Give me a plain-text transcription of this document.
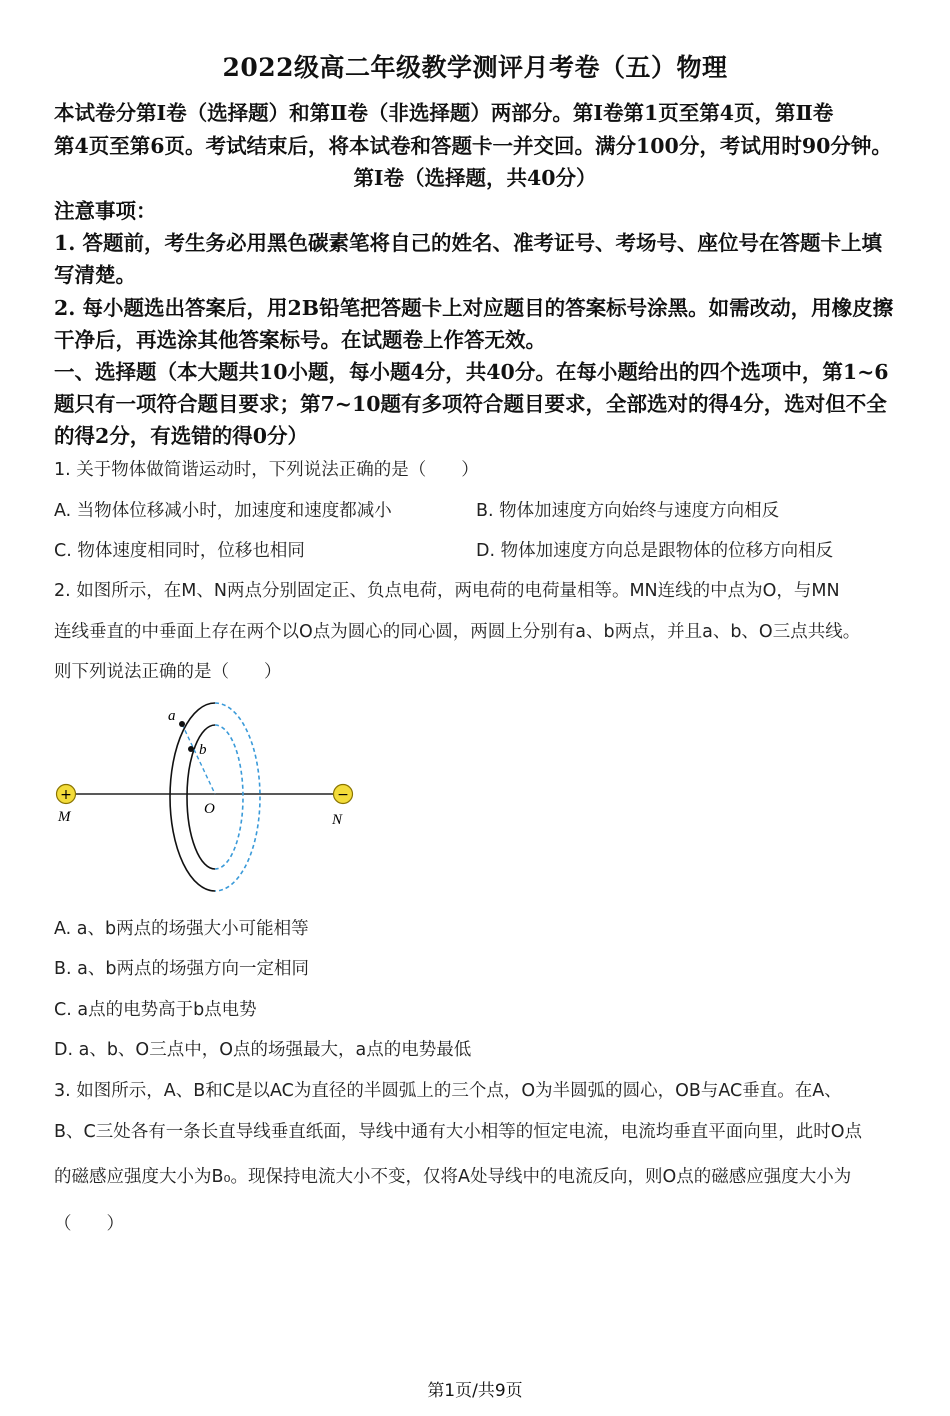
2022级高二年级教学测评月考卷（五）物理
本试卷分第Ⅰ卷（选择题）和第Ⅱ卷（非选择题）两部分。第Ⅰ卷第1页至第4页，第Ⅱ卷
第4页至第6页。考试结束后，将本试卷和答题卡一并交回。满分100分，考试用时90分钟。
第Ⅰ卷（选择题，共40分）
注意事项：
1. 答题前，考生务必用黑色碳素笔将自己的姓名、准考证号、考场号、座位号在答题卡上填
写清楚。
2. 每小题选出答案后，用2B铅笔把答题卡上对应题目的答案标号涂黑。如需改动，用橡皮擦
干净后，再选涂其他答案标号。在试题卷上作答无效。
一、选择题（本大题共10小题，每小题4分，共40分。在每小题给出的四个选项中，第1~6
题只有一项符合题目要求；第7~10题有多项符合题目要求，全部选对的得4分，选对但不全
的得2分，有选错的得0分）
1. 关于物体做简谐运动时，下列说法正确的是（　　）
A. 当物体位移减小时，加速度和速度都减小	B. 物体加速度方向始终与速度方向相反
C. 物体速度相同时，位移也相同	D. 物体加速度方向总是跟物体的位移方向相反
2. 如图所示，在M、N两点分别固定正、负点电荷，两电荷的电荷量相等。MN连线的中点为O，与MN
连线垂直的中垂面上存在两个以O点为圆心的同心圆，两圆上分别有a、b两点，并且a、b、O三点共线。
则下列说法正确的是（　　）
a
b
O
M	N
+	−
A. a、b两点的场强大小可能相等
B. a、b两点的场强方向一定相同
C. a点的电势高于b点电势
D. a、b、O三点中，O点的场强最大，a点的电势最低
3. 如图所示，A、B和C是以AC为直径的半圆弧上的三个点，O为半圆弧的圆心，OB与AC垂直。在A、
B、C三处各有一条长直导线垂直纸面，导线中通有大小相等的恒定电流，电流均垂直平面向里，此时O点
的磁感应强度大小为B₀。现保持电流大小不变，仅将A处导线中的电流反向，则O点的磁感应强度大小为
（　　）
第1页/共9页
